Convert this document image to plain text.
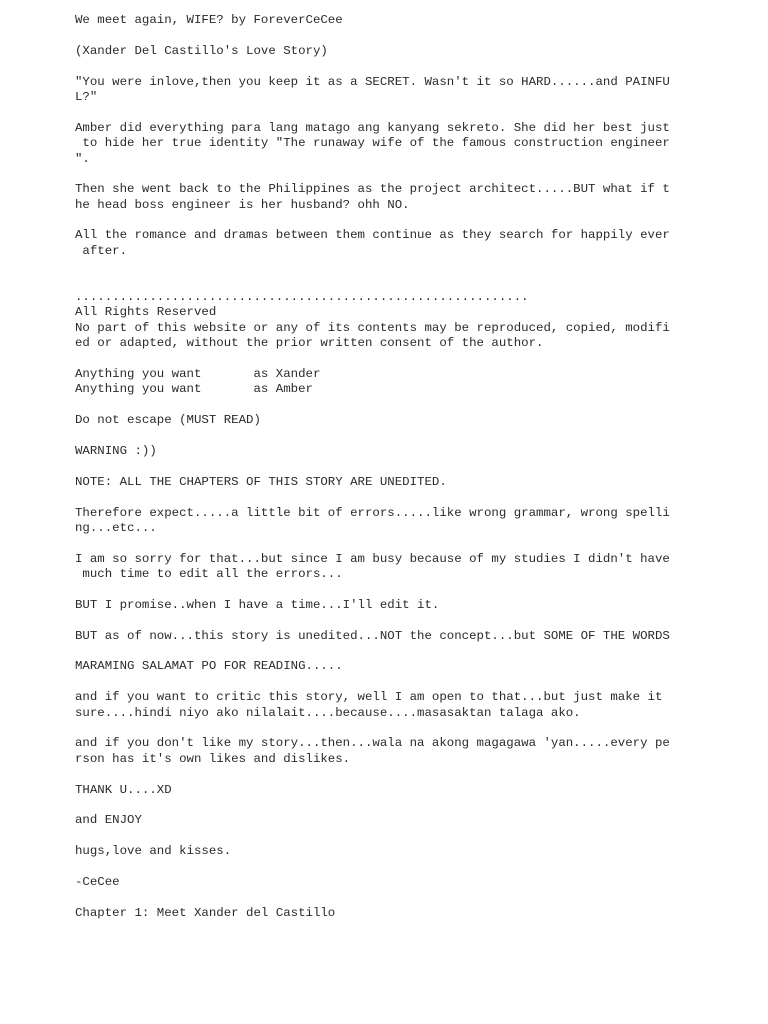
We meet again, WIFE? by ForeverCeCee
(Xander Del Castillo's Love Story)
"You were inlove,then you keep it as a SECRET. Wasn't it so HARD......and PAINFU
L?"
Amber did everything para lang matago ang kanyang sekreto. She did her best just
to hide her true identity "The runaway wife of the famous construction engineer
".
Then she went back to the Philippines as the project architect.....BUT what if t
he head boss engineer is her husband? ohh NO.
All the romance and dramas between them continue as they search for happily ever
after.
.............................................................
All Rights Reserved
No part of this website or any of its contents may be reproduced, copied, modifi
ed or adapted, without the prior written consent of the author.
Anything you want       as Xander
Anything you want       as Amber
Do not escape (MUST READ)
WARNING :))
NOTE: ALL THE CHAPTERS OF THIS STORY ARE UNEDITED.
Therefore expect.....a little bit of errors.....like wrong grammar, wrong spelli
ng...etc...
I am so sorry for that...but since I am busy because of my studies I didn't have
much time to edit all the errors...
BUT I promise..when I have a time...I'll edit it.
BUT as of now...this story is unedited...NOT the concept...but SOME OF THE WORDS
MARAMING SALAMAT PO FOR READING.....
and if you want to critic this story, well I am open to that...but just make it
sure....hindi niyo ako nilalait....because....masasaktan talaga ako.
and if you don't like my story...then...wala na akong magagawa 'yan.....every pe
rson has it's own likes and dislikes.
THANK U....XD
and ENJOY
hugs,love and kisses.
-CeCee
Chapter 1: Meet Xander del Castillo
